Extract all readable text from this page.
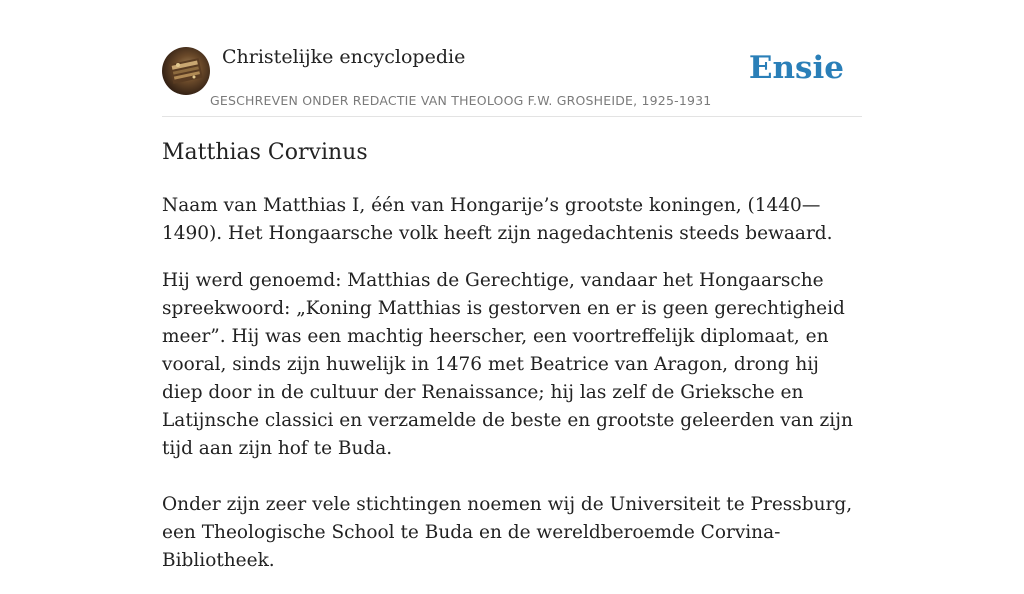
Christelijke encyclopedie
GESCHREVEN ONDER REDACTIE VAN THEOLOOG F.W. GROSHEIDE, 1925-1931
Ensie
Matthias Corvinus

Naam van Matthias I, één van Hongarije’s grootste koningen, (1440— 1490). Het Hongaarsche volk heeft zijn nagedachtenis steeds bewaard.

Hij werd genoemd: Matthias de Gerechtige, vandaar het Hongaarsche spreekwoord: „Koning Matthias is gestorven en er is geen gerechtigheid meer”. Hij was een machtig heerscher, een voortreffelijk diplomaat, en vooral, sinds zijn huwelijk in 1476 met Beatrice van Aragon, drong hij diep door in de cultuur der Renaissance; hij las zelf de Grieksche en Latijnsche classici en verzamelde de beste en grootste geleerden van zijn tijd aan zijn hof te Buda.

Onder zijn zeer vele stichtingen noemen wij de Universiteit te Pressburg, een Theologische School te Buda en de wereldberoemde Corvina-Bibliotheek.
